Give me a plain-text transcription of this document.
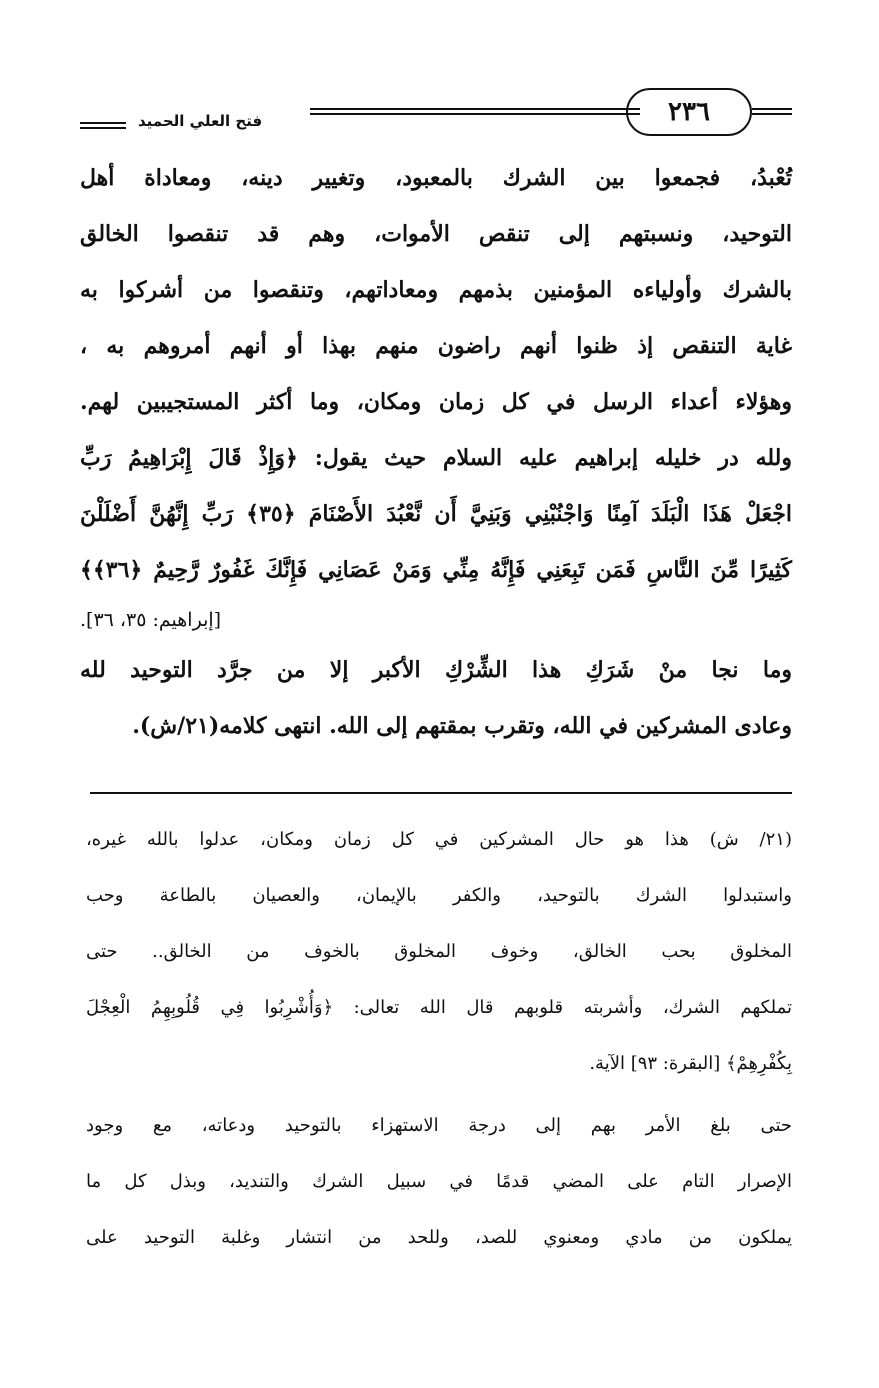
٢٣٦
فتح العلي الحميد

تُعْبدُ، فجمعوا بين الشرك بالمعبود، وتغيير دينه، ومعاداة أهل

التوحيد، ونسبتهم إلى تنقص الأموات، وهم قد تنقصوا الخالق

بالشرك وأولياءه المؤمنين بذمهم ومعاداتهم، وتنقصوا من أشركوا به

غاية التنقص إذ ظنوا أنهم راضون منهم بهذا أو أنهم أمروهم به ،

وهؤلاء أعداء الرسل في كل زمان ومكان، وما أكثر المستجيبين لهم.

ولله در خليله إبراهيم عليه السلام حيث يقول: ﴿وَإِذْ قَالَ إِبْرَاهِيمُ رَبِّ

اجْعَلْ هَذَا الْبَلَدَ آمِنًا وَاجْنُبْنِي وَبَنِيَّ أَن نَّعْبُدَ الأَصْنَامَ ﴿٣٥﴾ رَبِّ إِنَّهُنَّ أَضْلَلْنَ

كَثِيرًا مِّنَ النَّاسِ فَمَن تَبِعَنِي فَإِنَّهُ مِنِّي وَمَنْ عَصَانِي فَإِنَّكَ غَفُورٌ رَّحِيمٌ ﴿٣٦﴾﴾

[إبراهيم: ٣٥، ٣٦].

وما نجا منْ شَرَكِ هذا الشِّرْكِ الأكبر إلا من جرَّد التوحيد لله

وعادى المشركين في الله، وتقرب بمقتهم إلى الله. انتهى كلامه(٢١/ش).

(٢١/ ش) هذا هو حال المشركين في كل زمان ومكان، عدلوا بالله غيره،

واستبدلوا الشرك بالتوحيد، والكفر بالإيمان، والعصيان بالطاعة وحب

المخلوق بحب الخالق، وخوف المخلوق بالخوف من الخالق.. حتى

تملكهم الشرك، وأشربته قلوبهم قال الله تعالى: ﴿وَأُشْرِبُوا فِي قُلُوبِهِمُ الْعِجْلَ

بِكُفْرِهِمْ﴾ [البقرة: ٩٣] الآية.

حتى بلغ الأمر بهم إلى درجة الاستهزاء بالتوحيد ودعاته، مع وجود

الإصرار التام على المضي قدمًا في سبيل الشرك والتنديد، وبذل كل ما

يملكون من مادي ومعنوي للصد، وللحد من انتشار وغلبة التوحيد على
